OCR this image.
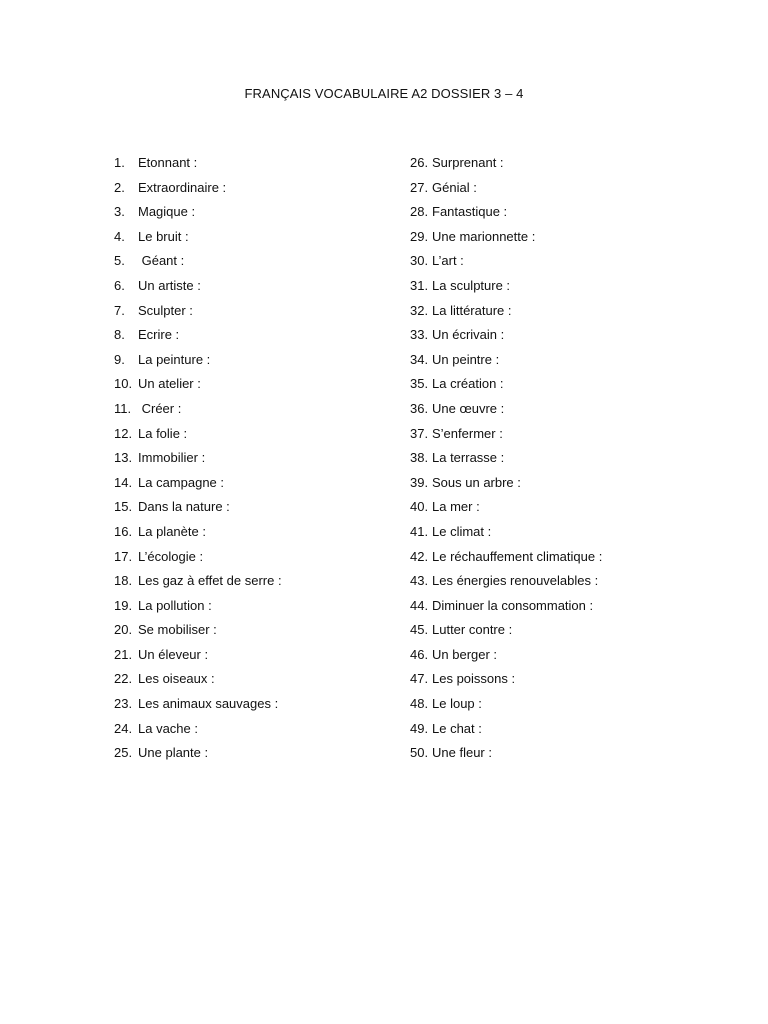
FRANÇAIS VOCABULAIRE A2 DOSSIER 3 – 4
1.	Etonnant :
2.	Extraordinaire :
3.	Magique :
4.	Le bruit :
5.	Géant :
6.	Un artiste :
7.	Sculpter :
8.	Ecrire :
9.	La peinture :
10. Un atelier :
11. Créer :
12. La folie :
13. Immobilier :
14. La campagne :
15. Dans la nature :
16. La planète :
17. L’écologie :
18. Les gaz à effet de serre :
19. La pollution :
20. Se mobiliser :
21. Un éleveur :
22. Les oiseaux :
23. Les animaux sauvages :
24. La vache :
25. Une plante :
26. Surprenant :
27. Génial :
28. Fantastique :
29. Une marionnette :
30. L’art :
31. La sculpture :
32. La littérature :
33. Un écrivain :
34. Un peintre :
35. La création :
36. Une œuvre :
37. S’enfermer :
38. La terrasse :
39. Sous un arbre :
40. La mer :
41. Le climat :
42. Le réchauffement climatique :
43. Les énergies renouvelables :
44. Diminuer la consommation :
45. Lutter contre :
46. Un berger :
47. Les poissons :
48. Le loup :
49. Le chat :
50. Une fleur :
